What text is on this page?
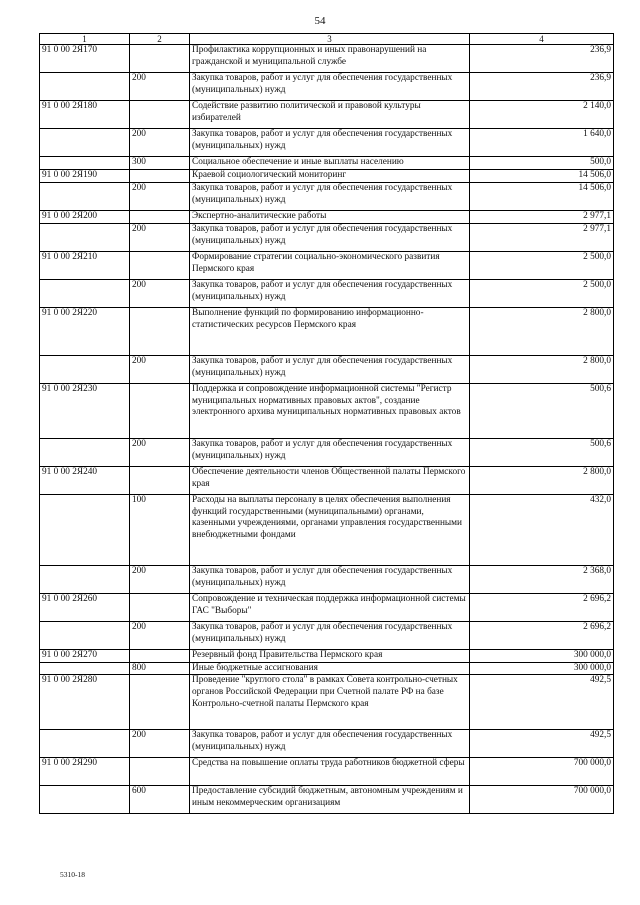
54
1	2	3	4
91 0 00 2Я170		Профилактика коррупционных и иных правонарушений на гражданской и муниципальной службе	236,9
	200	Закупка товаров, работ и услуг для обеспечения государственных (муниципальных) нужд	236,9
91 0 00 2Я180		Содействие развитию политической и правовой культуры избирателей	2 140,0
	200	Закупка товаров, работ и услуг для обеспечения государственных (муниципальных) нужд	1 640,0
	300	Социальное обеспечение и иные выплаты населению	500,0
91 0 00 2Я190		Краевой социологический мониторинг	14 506,0
	200	Закупка товаров, работ и услуг для обеспечения государственных (муниципальных) нужд	14 506,0
91 0 00 2Я200		Экспертно-аналитические работы	2 977,1
	200	Закупка товаров, работ и услуг для обеспечения государственных (муниципальных) нужд	2 977,1
91 0 00 2Я210		Формирование стратегии социально-экономического развития Пермского края	2 500,0
	200	Закупка товаров, работ и услуг для обеспечения государственных (муниципальных) нужд	2 500,0
91 0 00 2Я220		Выполнение функций по формированию информационно-статистических ресурсов Пермского края	2 800,0
	200	Закупка товаров, работ и услуг для обеспечения государственных (муниципальных) нужд	2 800,0
91 0 00 2Я230		Поддержка и сопровождение информационной системы "Регистр муниципальных нормативных правовых актов", создание электронного архива муниципальных нормативных правовых актов	500,6
	200	Закупка товаров, работ и услуг для обеспечения государственных (муниципальных) нужд	500,6
91 0 00 2Я240		Обеспечение деятельности членов Общественной палаты Пермского края	2 800,0
	100	Расходы на выплаты персоналу в целях обеспечения выполнения функций государственными (муниципальными) органами, казенными учреждениями, органами управления государственными внебюджетными фондами	432,0
	200	Закупка товаров, работ и услуг для обеспечения государственных (муниципальных) нужд	2 368,0
91 0 00 2Я260		Сопровождение и техническая поддержка информационной системы ГАС "Выборы"	2 696,2
	200	Закупка товаров, работ и услуг для обеспечения государственных (муниципальных) нужд	2 696,2
91 0 00 2Я270		Резервный фонд Правительства Пермского края	300 000,0
	800	Иные бюджетные ассигнования	300 000,0
91 0 00 2Я280		Проведение "круглого стола" в рамках Совета контрольно-счетных органов Российской Федерации при Счетной палате РФ на базе Контрольно-счетной палаты Пермского края	492,5
	200	Закупка товаров, работ и услуг для обеспечения государственных (муниципальных) нужд	492,5
91 0 00 2Я290		Средства на повышение оплаты труда работников бюджетной сферы	700 000,0
	600	Предоставление субсидий бюджетным, автономным учреждениям и иным некоммерческим организациям	700 000,0
5310-18
